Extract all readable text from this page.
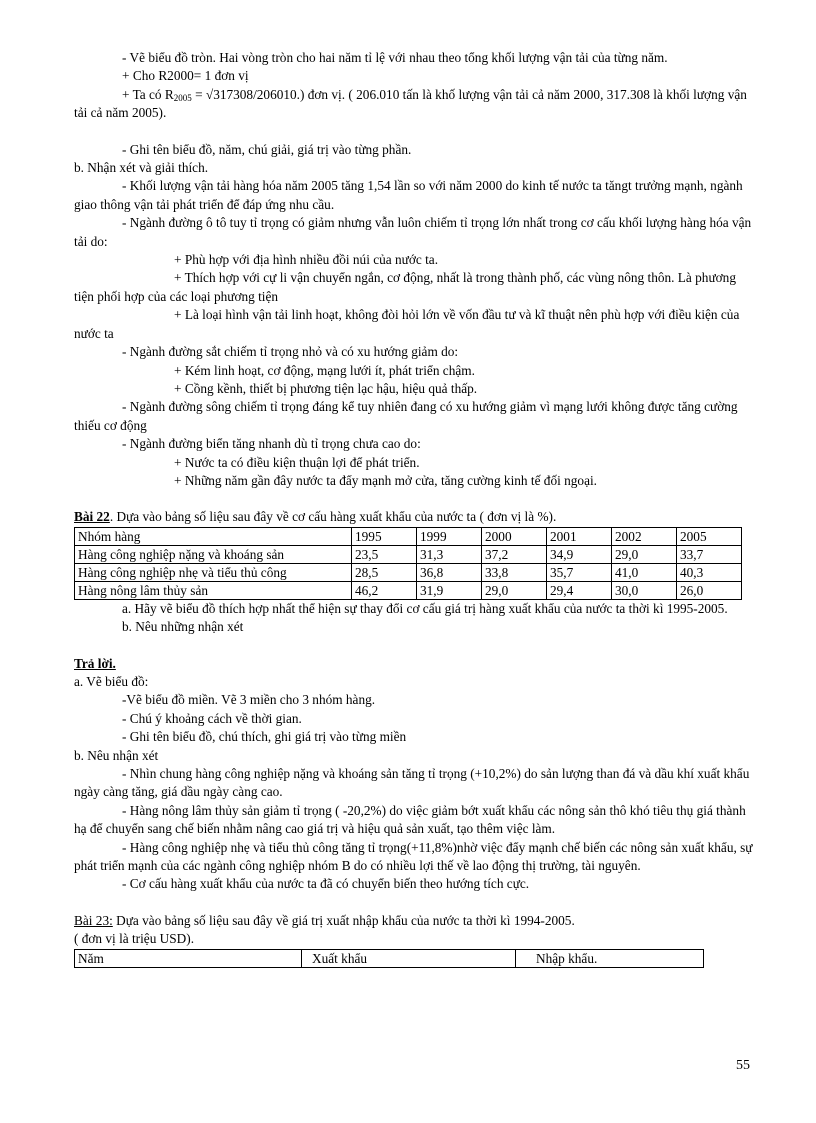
- Vẽ biểu đồ tròn. Hai vòng tròn cho hai năm tỉ lệ với nhau theo tổng khối lượng vận tải của từng năm.

+ Cho R2000= 1 đơn vị

+ Ta có $R_{2005} = √317308/206010$.) đơn vị. ( 206.010 tấn là khố lượng vận tải cả năm 2000, 317.308 là khối lượng vận tải cả năm 2005).

- Ghi tên biểu đồ, năm, chú giải, giá trị vào từng phần.

b. Nhận xét và giải thích.

- Khối lượng vận tải hàng hóa năm 2005 tăng 1,54 lần so với năm 2000 do kinh tế nước ta tăngt trưởng mạnh, ngành giao thông vận tải phát triển để đáp ứng nhu cầu.

- Ngành đường ô tô tuy tỉ trọng có giảm nhưng vẫn luôn chiếm tỉ trọng lớn nhất trong cơ cấu khối lượng hàng hóa vận tải do:

+ Phù hợp với địa hình nhiều đồi núi của nước ta.

+ Thích hợp với cự li vận chuyển ngắn, cơ động, nhất là trong thành phố, các vùng nông thôn. Là phương tiện phối hợp của các loại phương tiện

+ Là loại hình vận tải linh hoạt, không đòi hỏi lớn về vốn đầu tư và kĩ thuật nên phù hợp với điều kiện của nước ta

- Ngành đường sắt chiếm tỉ trọng nhỏ và có xu hướng giảm do:

+ Kém linh hoạt, cơ động, mạng lưới ít, phát triển chậm.

+ Cồng kềnh, thiết bị phương tiện lạc hậu, hiệu quả thấp.

- Ngành đường sông chiếm tỉ trọng đáng kể tuy nhiên đang có xu hướng giảm vì mạng lưới không được tăng cường thiếu cơ động

- Ngành đường biển tăng nhanh dù tỉ trọng chưa cao do:

+ Nước ta có điều kiện thuận lợi để phát triển.

+ Những năm gần đây nước ta đẩy mạnh mở cửa, tăng cường kinh tế đối ngoại.

Bài 22. Dựa vào bảng số liệu sau đây về cơ cấu hàng xuất khẩu của nước ta ( đơn vị là %).

Nhóm hàng	1995	1999	2000	2001	2002	2005
Hàng công nghiệp nặng và khoáng sản	23,5	31,3	37,2	34,9	29,0	33,7
Hàng công nghiệp nhẹ và tiểu thủ công	28,5	36,8	33,8	35,7	41,0	40,3
Hàng nông lâm thủy sản	46,2	31,9	29,0	29,4	30,0	26,0

a. Hãy vẽ biểu đồ thích hợp nhất thể hiện sự thay đổi cơ cấu giá trị hàng xuất khẩu của nước ta thời kì 1995-2005.

b. Nêu những nhận xét

Trả lời.

a. Vẽ biểu đồ:

-Vẽ biểu đồ miền. Vẽ 3 miền cho 3 nhóm hàng.

- Chú ý khoảng cách về thời gian.

- Ghi tên biểu đồ, chú thích, ghi giá trị vào từng miền

b. Nêu nhận xét

- Nhìn chung hàng công nghiệp nặng và khoáng sản tăng tỉ trọng (+10,2%) do sản lượng than đá và dầu khí xuất khẩu ngày càng tăng, giá dầu ngày càng cao.

- Hàng nông lâm thủy sản giảm tỉ trọng ( -20,2%) do việc giảm bớt xuất khẩu các nông sản thô khó tiêu thụ giá thành hạ để chuyển sang chế biến nhằm nâng cao giá trị và hiệu quả sản xuất, tạo thêm việc làm.

- Hàng công nghiệp nhẹ và tiểu thủ công tăng tỉ trọng(+11,8%)nhờ việc đẩy mạnh chế biến các nông sản xuất khẩu, sự phát triển mạnh của các ngành công nghiệp nhóm B do có nhiều lợi thế về lao động thị trường, tài nguyên.

- Cơ cấu hàng xuất khẩu của nước ta đã có chuyển biến theo hướng tích cực.

Bài 23: Dựa vào bảng số liệu sau đây về giá trị xuất nhập khẩu của nước ta thời kì 1994-2005.

( đơn vị là triệu USD).

Năm	Xuất khẩu	Nhập khẩu.
55
